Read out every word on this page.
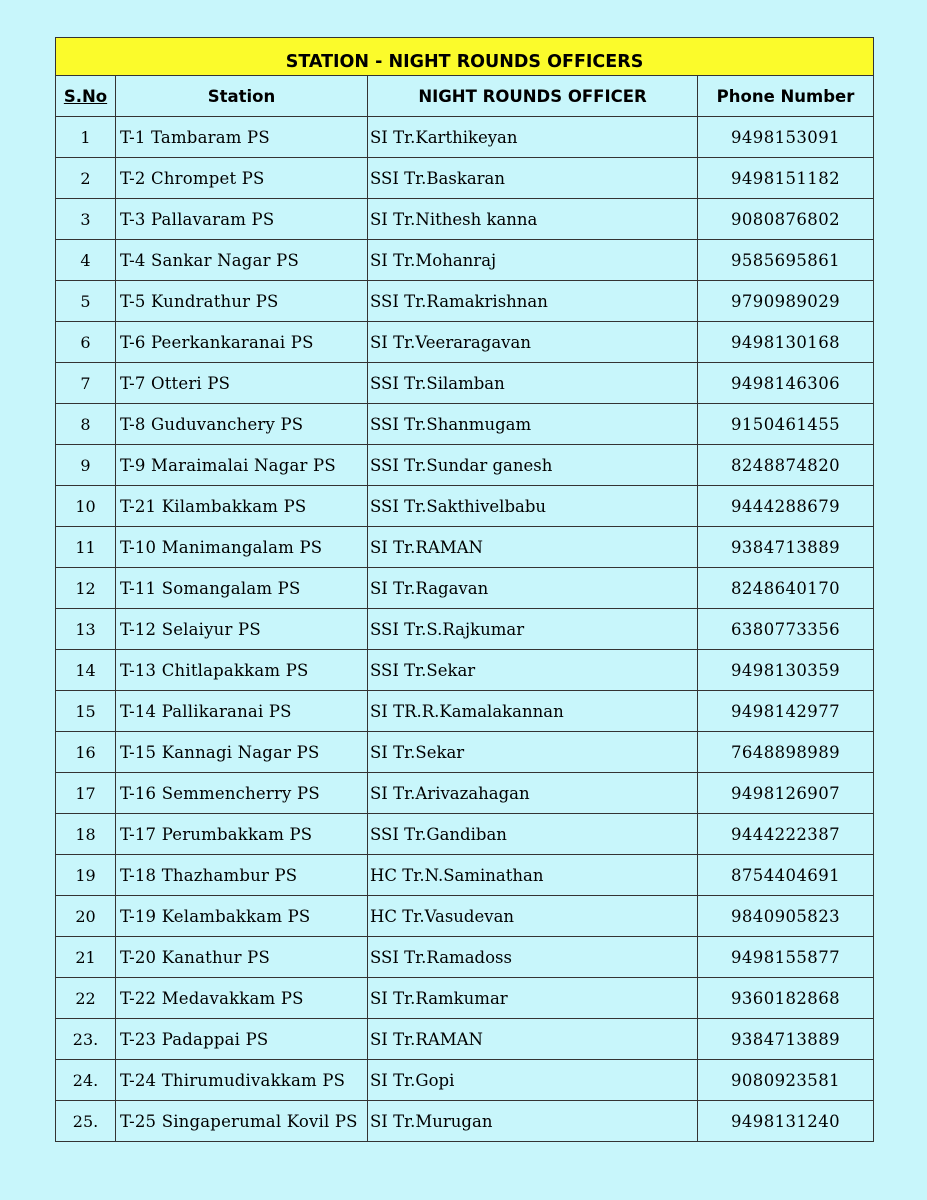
STATION - NIGHT ROUNDS OFFICERS			
S.No	Station	NIGHT ROUNDS OFFICER	Phone Number
1	T-1 Tambaram PS	SI Tr.Karthikeyan	9498153091
2	T-2 Chrompet PS	SSI Tr.Baskaran	9498151182
3	T-3 Pallavaram PS	SI Tr.Nithesh kanna	9080876802
4	T-4 Sankar Nagar PS	SI Tr.Mohanraj	9585695861
5	T-5 Kundrathur PS	SSI Tr.Ramakrishnan	9790989029
6	T-6 Peerkankaranai PS	SI Tr.Veeraragavan	9498130168
7	T-7 Otteri PS	SSI Tr.Silamban	9498146306
8	T-8 Guduvanchery PS	SSI Tr.Shanmugam	9150461455
9	T-9 Maraimalai Nagar PS	SSI Tr.Sundar ganesh	8248874820
10	T-21 Kilambakkam PS	SSI Tr.Sakthivelbabu	9444288679
11	T-10 Manimangalam PS	SI Tr.RAMAN	9384713889
12	T-11 Somangalam PS	SI Tr.Ragavan	8248640170
13	T-12 Selaiyur PS	SSI Tr.S.Rajkumar	6380773356
14	T-13 Chitlapakkam PS	SSI Tr.Sekar	9498130359
15	T-14 Pallikaranai PS	SI TR.R.Kamalakannan	9498142977
16	T-15 Kannagi Nagar PS	SI Tr.Sekar	7648898989
17	T-16 Semmencherry PS	SI Tr.Arivazahagan	9498126907
18	T-17 Perumbakkam PS	SSI Tr.Gandiban	9444222387
19	T-18 Thazhambur PS	HC Tr.N.Saminathan	8754404691
20	T-19 Kelambakkam PS	HC Tr.Vasudevan	9840905823
21	T-20 Kanathur PS	SSI Tr.Ramadoss	9498155877
22	T-22 Medavakkam PS	SI Tr.Ramkumar	9360182868
23.	T-23 Padappai PS	SI Tr.RAMAN	9384713889
24.	T-24 Thirumudivakkam PS	SI Tr.Gopi	9080923581
25.	T-25 Singaperumal Kovil PS	SI Tr.Murugan	9498131240
